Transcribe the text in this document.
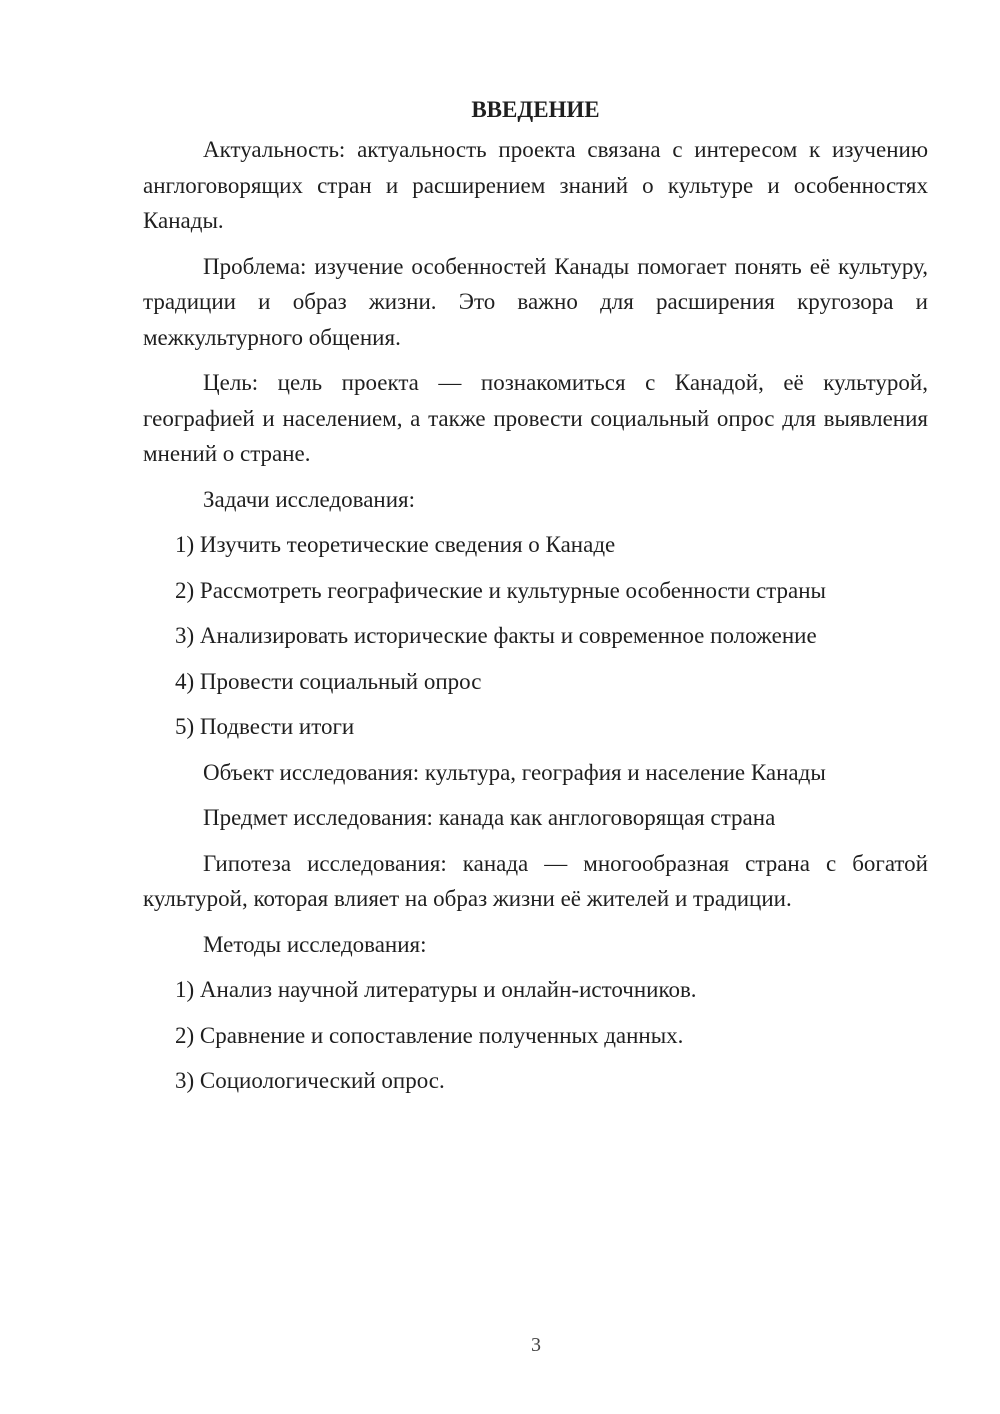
ВВЕДЕНИЕ

Актуальность: актуальность проекта связана с интересом к изучению англоговорящих стран и расширением знаний о культуре и особенностях Канады.

Проблема: изучение особенностей Канады помогает понять её культуру, традиции и образ жизни. Это важно для расширения кругозора и межкультурного общения.

Цель: цель проекта — познакомиться с Канадой, её культурой, географией и населением, а также провести социальный опрос для выявления мнений о стране.

Задачи исследования:

1) Изучить теоретические сведения о Канаде

2) Рассмотреть географические и культурные особенности страны

3) Анализировать исторические факты и современное положение

4) Провести социальный опрос

5) Подвести итоги

Объект исследования: культура, география и население Канады

Предмет исследования: канада как англоговорящая страна

Гипотеза исследования: канада — многообразная страна с богатой культурой, которая влияет на образ жизни её жителей и традиции.

Методы исследования:

1) Анализ научной литературы и онлайн-источников.

2) Сравнение и сопоставление полученных данных.

3) Социологический опрос.

3
